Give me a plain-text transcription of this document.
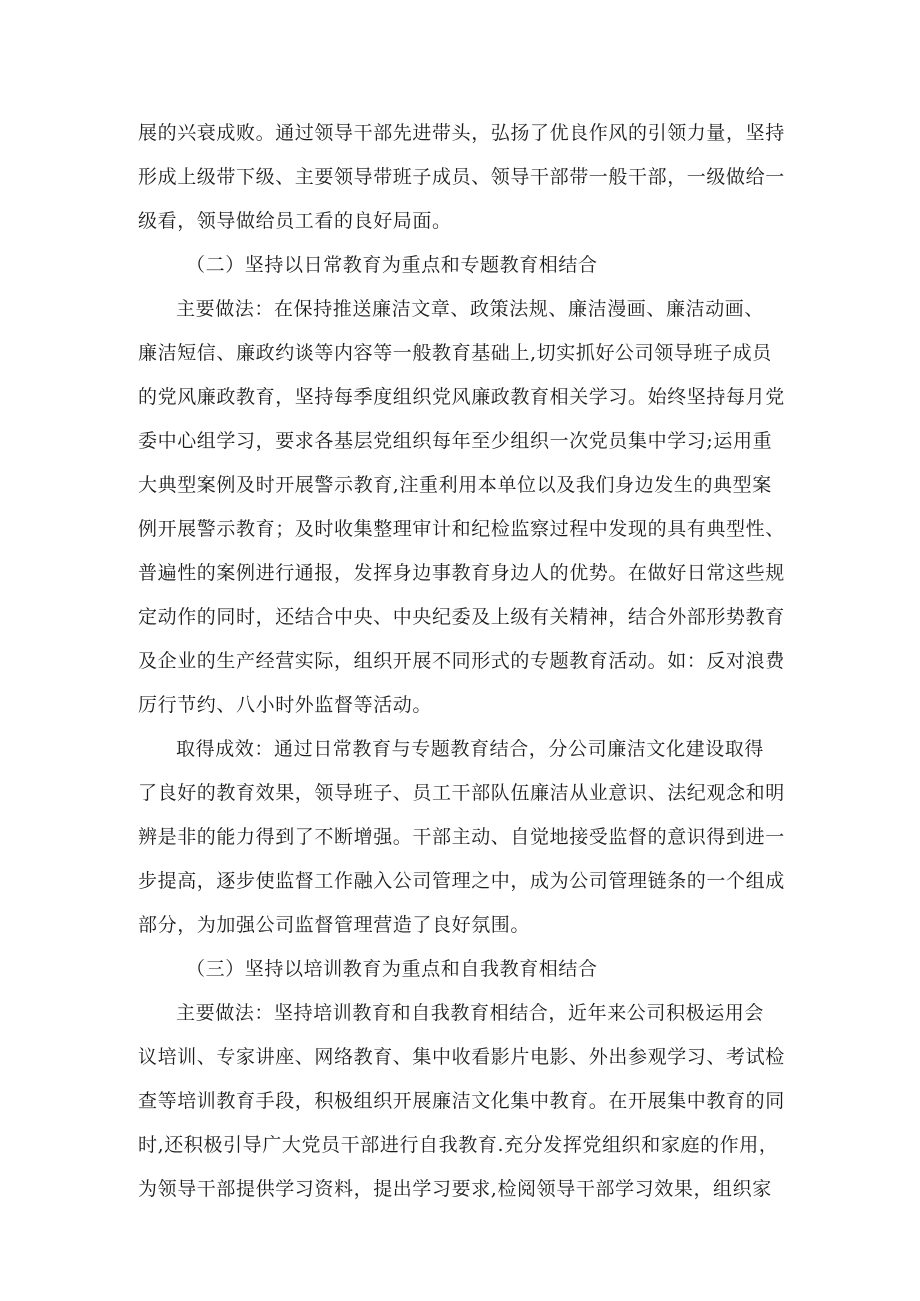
展的兴衰成败。通过领导干部先进带头，弘扬了优良作风的引领力量，坚持
形成上级带下级、主要领导带班子成员、领导干部带一般干部，一级做给一
级看，领导做给员工看的良好局面。
（二）坚持以日常教育为重点和专题教育相结合
主要做法：在保持推送廉洁文章、政策法规、廉洁漫画、廉洁动画、
廉洁短信、廉政约谈等内容等一般教育基础上,切实抓好公司领导班子成员
的党风廉政教育，坚持每季度组织党风廉政教育相关学习。始终坚持每月党
委中心组学习，要求各基层党组织每年至少组织一次党员集中学习;运用重
大典型案例及时开展警示教育,注重利用本单位以及我们身边发生的典型案
例开展警示教育；及时收集整理审计和纪检监察过程中发现的具有典型性、
普遍性的案例进行通报，发挥身边事教育身边人的优势。在做好日常这些规
定动作的同时，还结合中央、中央纪委及上级有关精神，结合外部形势教育
及企业的生产经营实际，组织开展不同形式的专题教育活动。如：反对浪费
厉行节约、八小时外监督等活动。
取得成效：通过日常教育与专题教育结合，分公司廉洁文化建设取得
了良好的教育效果，领导班子、员工干部队伍廉洁从业意识、法纪观念和明
辨是非的能力得到了不断增强。干部主动、自觉地接受监督的意识得到进一
步提高，逐步使监督工作融入公司管理之中，成为公司管理链条的一个组成
部分，为加强公司监督管理营造了良好氛围。
（三）坚持以培训教育为重点和自我教育相结合
主要做法：坚持培训教育和自我教育相结合，近年来公司积极运用会
议培训、专家讲座、网络教育、集中收看影片电影、外出参观学习、考试检
查等培训教育手段，积极组织开展廉洁文化集中教育。在开展集中教育的同
时,还积极引导广大党员干部进行自我教育.充分发挥党组织和家庭的作用，
为领导干部提供学习资料，提出学习要求,检阅领导干部学习效果，组织家
